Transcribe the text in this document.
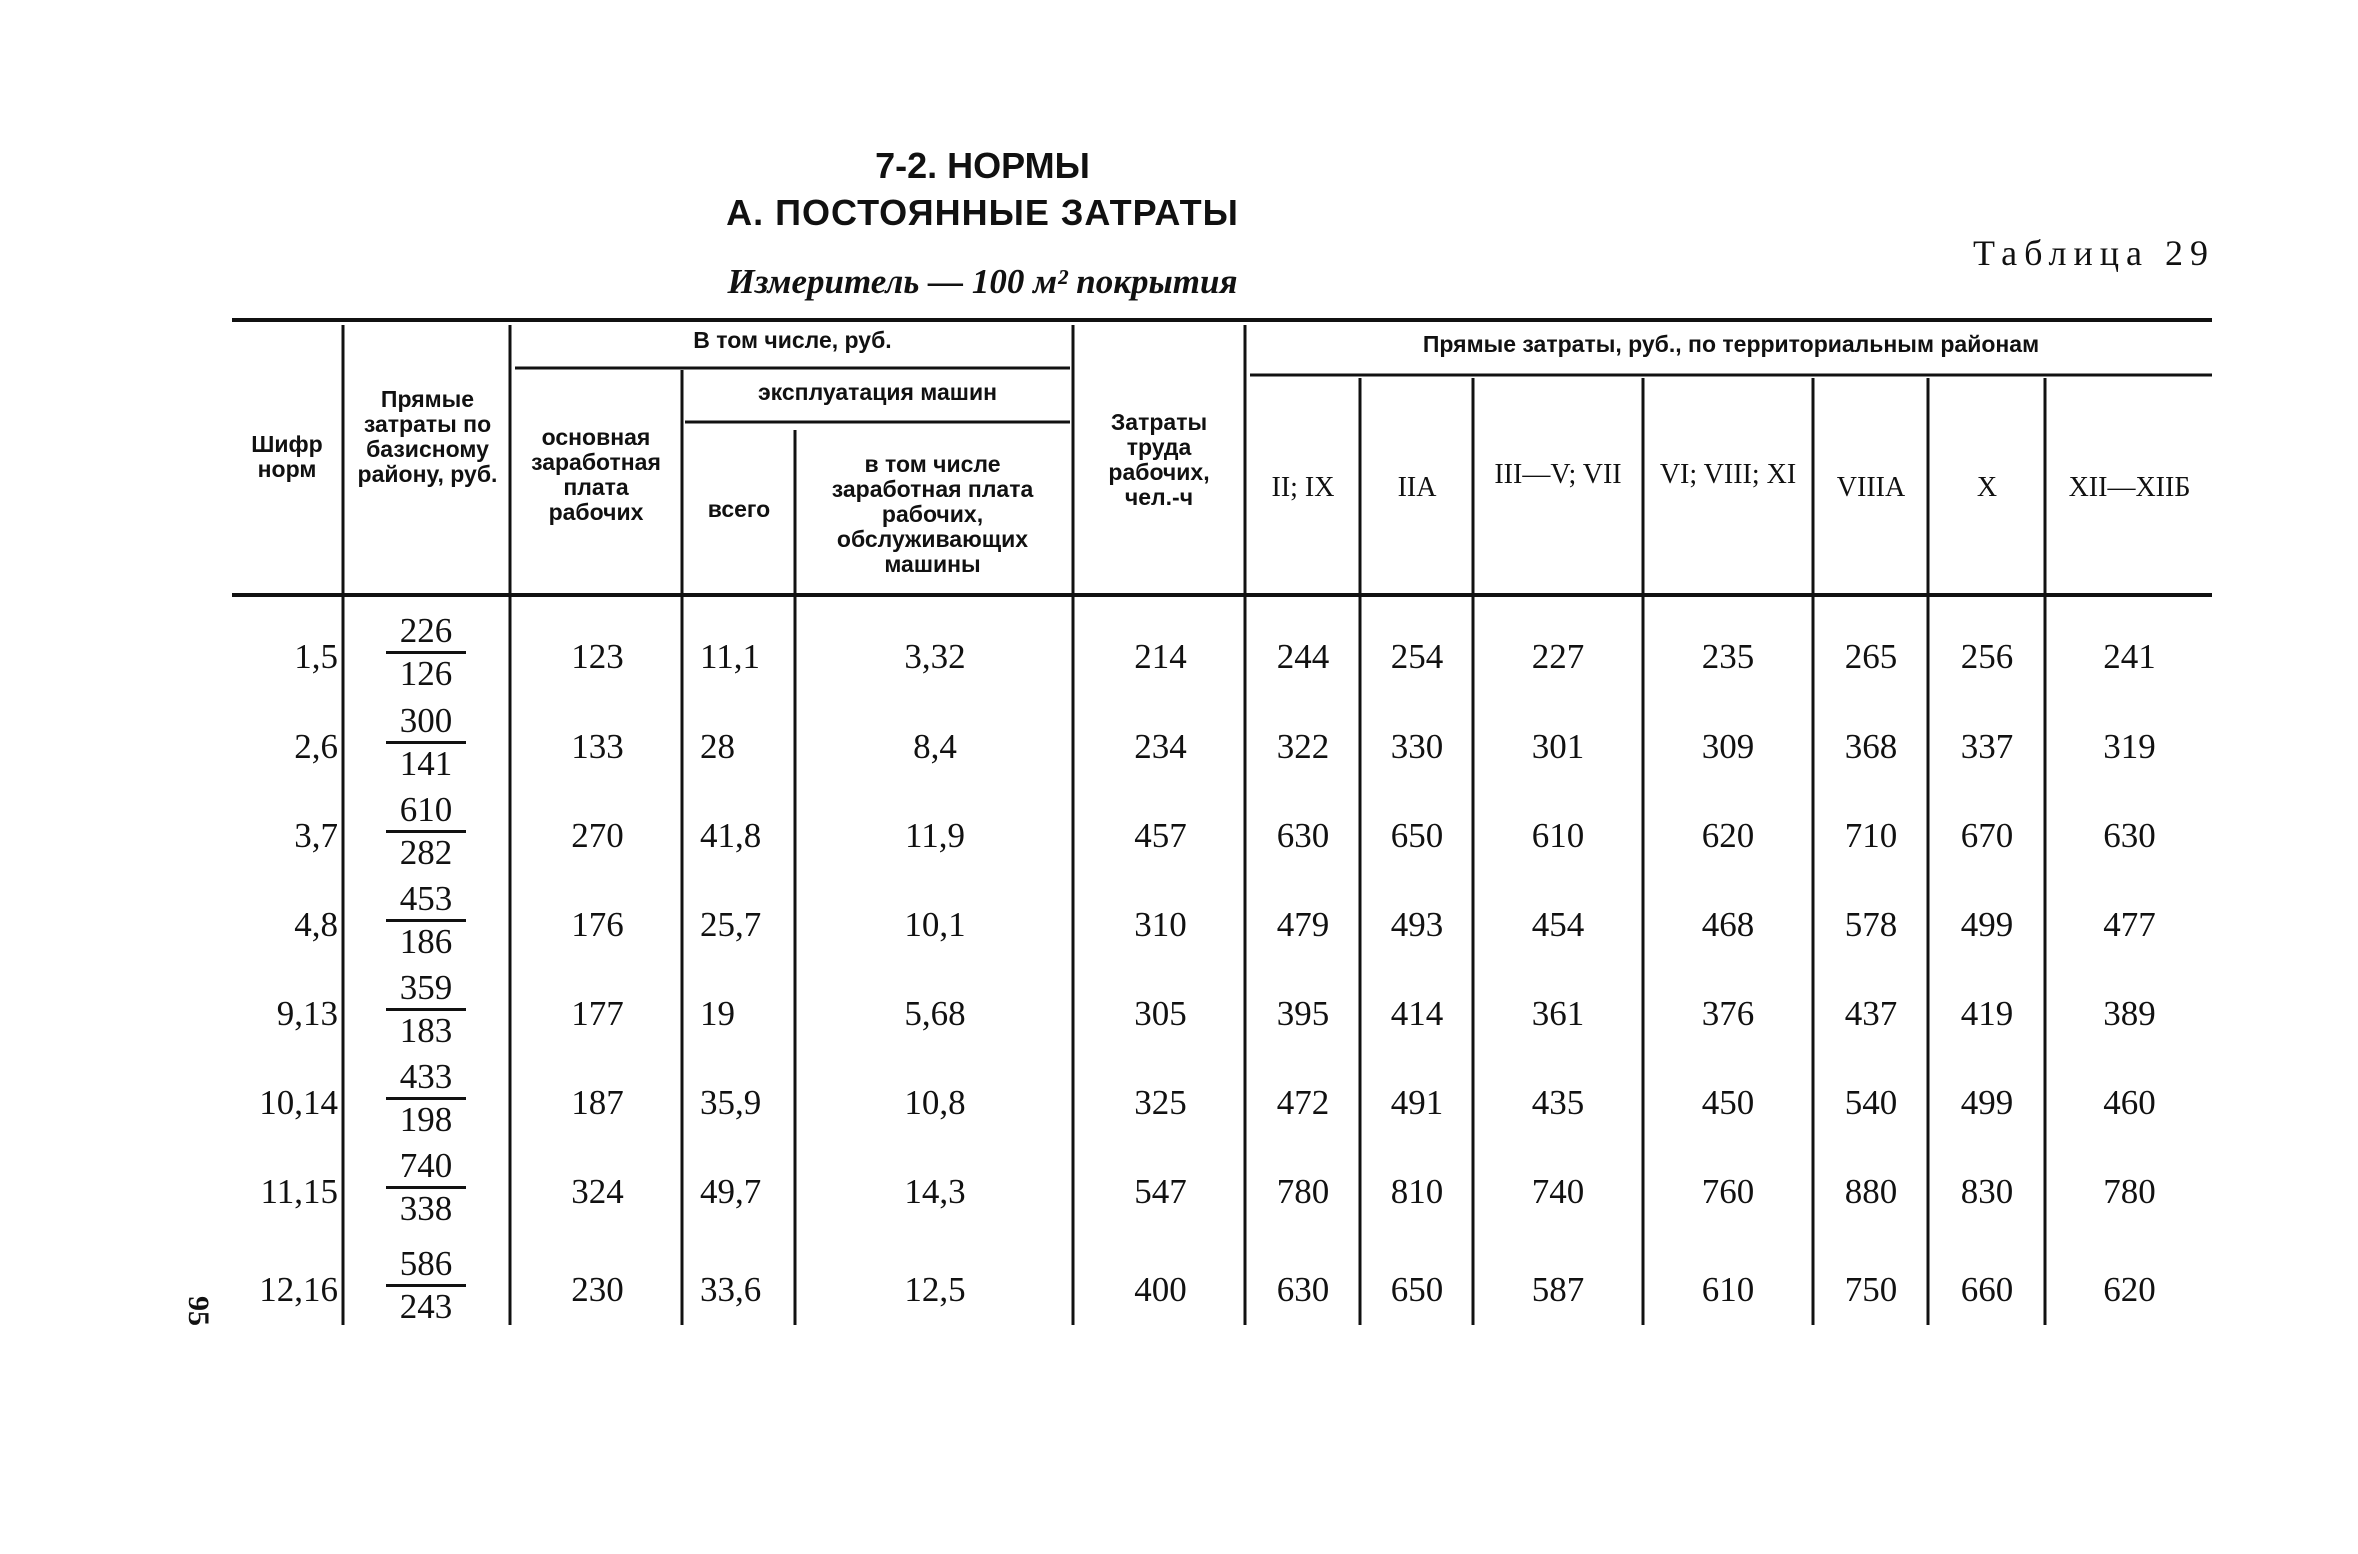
7-2. НОРМЫ
А. ПОСТОЯННЫЕ ЗАТРАТЫ
Таблица 29
Измеритель — 100 м² покрытия
95
Шифр норм
Прямые затраты по базисному району, руб.
В том числе, руб.
основная заработная плата рабочих
эксплуатация машин
всего
в том числе заработная плата рабочих, обслуживающих машины
Затраты труда рабочих, чел.-ч
Прямые затраты, руб., по территориальным районам
II; IX	IIА	III—V; VII	VI; VIII; XI	VIIIА	X	XII—XIIБ
$1,5 \frac{226}{126}$	123	11,1	3,32	214	244	254	227	235	265	256	241
$2,6 \frac{300}{141}$	133	28	8,4	234	322	330	301	309	368	337	319
$3,7 \frac{610}{282}$	270	41,8	11,9	457	630	650	610	620	710	670	630
$4,8 \frac{453}{186}$	176	25,7	10,1	310	479	493	454	468	578	499	477
$9,13 \frac{359}{183}$	177	19	5,68	305	395	414	361	376	437	419	389
$10,14 \frac{433}{198}$	187	35,9	10,8	325	472	491	435	450	540	499	460
$11,15 \frac{740}{338}$	324	49,7	14,3	547	780	810	740	760	880	830	780
$12,16 \frac{586}{243}$	230	33,6	12,5	400	630	650	587	610	750	660	620
